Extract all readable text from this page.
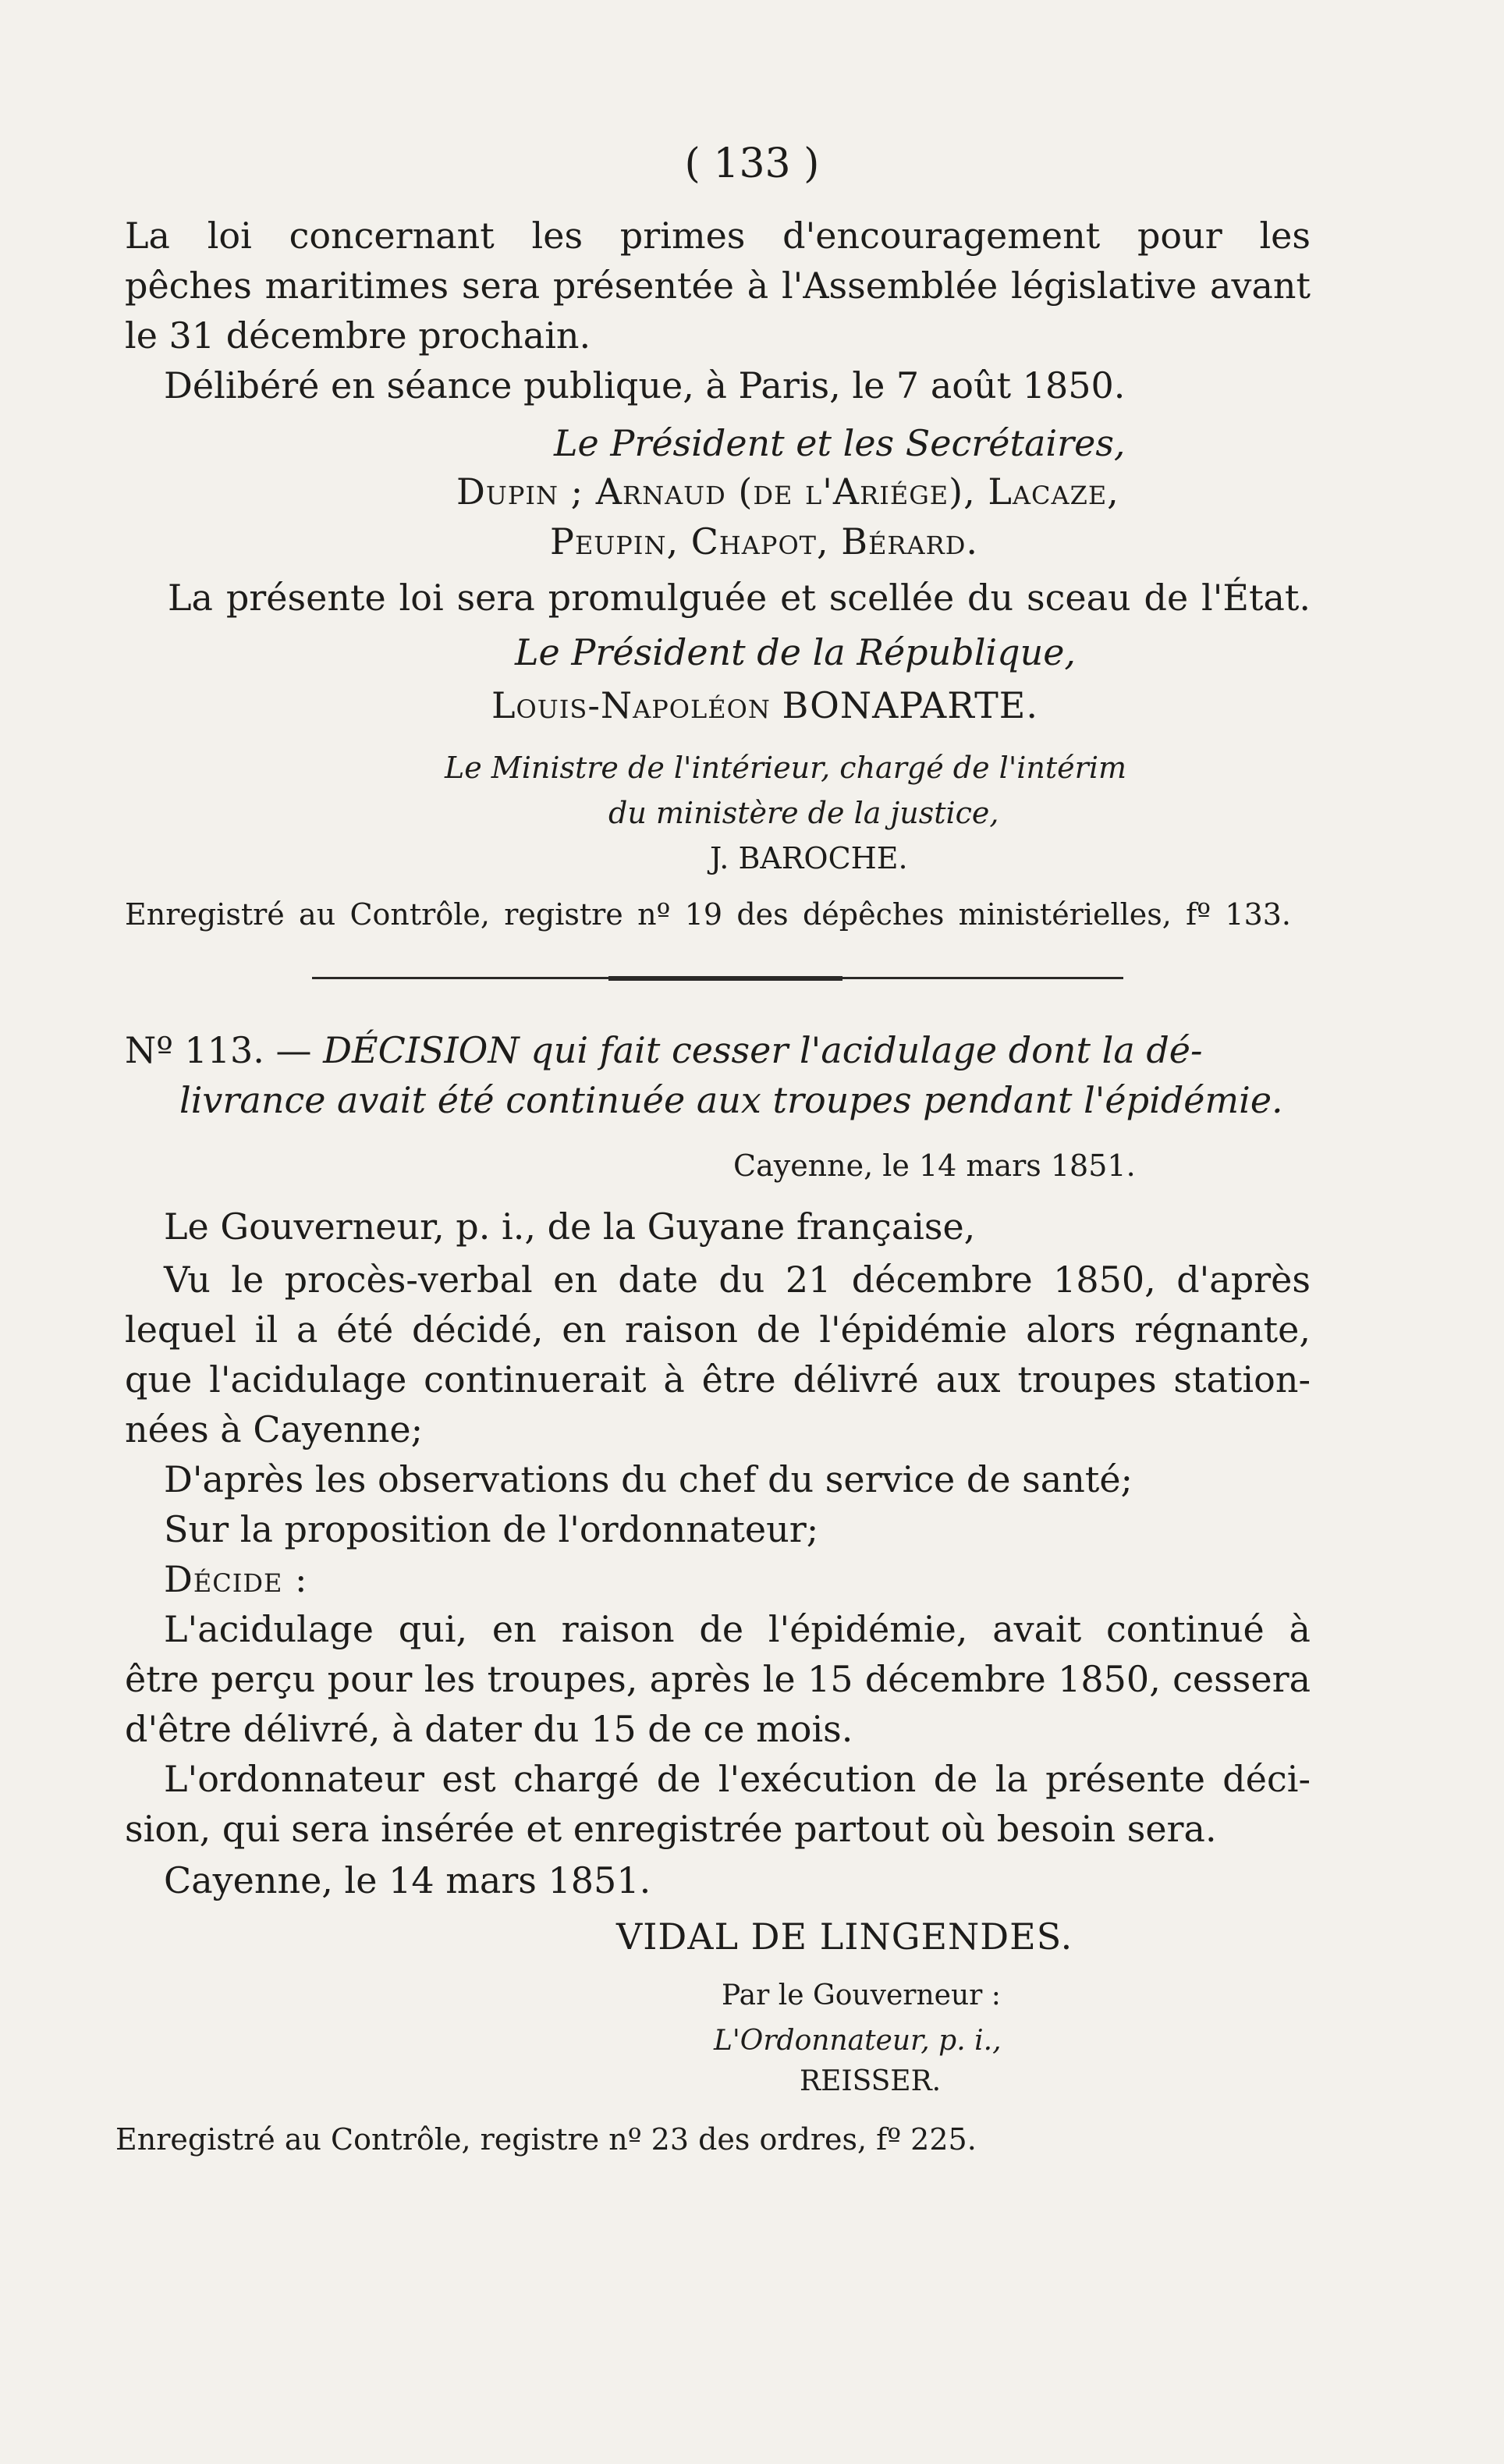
( 133 )
La loi concernant les primes d'encouragement pour les
pêches maritimes sera présentée à l'Assemblée législative avant
le 31 décembre prochain.
Délibéré en séance publique, à Paris, le 7 août 1850.
Le Président et les Secrétaires,
Dupin ; Arnaud (de l'Ariége), Lacaze,
Peupin, Chapot, Bérard.
La présente loi sera promulguée et scellée du sceau de l'État.
Le Président de la République,
Louis-Napoléon BONAPARTE.
Le Ministre de l'intérieur, chargé de l'intérim
du ministère de la justice,
J. BAROCHE.
Enregistré au Contrôle, registre nº 19 des dépêches ministérielles, fº 133.
Nº 113. — DÉCISION qui fait cesser l'acidulage dont la dé-
livrance avait été continuée aux troupes pendant l'épidémie.
Cayenne, le 14 mars 1851.
Le Gouverneur, p. i., de la Guyane française,
Vu le procès-verbal en date du 21 décembre 1850, d'après
lequel il a été décidé, en raison de l'épidémie alors régnante,
que l'acidulage continuerait à être délivré aux troupes station-
nées à Cayenne;
D'après les observations du chef du service de santé;
Sur la proposition de l'ordonnateur;
Décide :
L'acidulage qui, en raison de l'épidémie, avait continué à
être perçu pour les troupes, après le 15 décembre 1850, cessera
d'être délivré, à dater du 15 de ce mois.
L'ordonnateur est chargé de l'exécution de la présente déci-
sion, qui sera insérée et enregistrée partout où besoin sera.
Cayenne, le 14 mars 1851.
VIDAL DE LINGENDES.
Par le Gouverneur :
L'Ordonnateur, p. i.,
REISSER.
Enregistré au Contrôle, registre nº 23 des ordres, fº 225.
